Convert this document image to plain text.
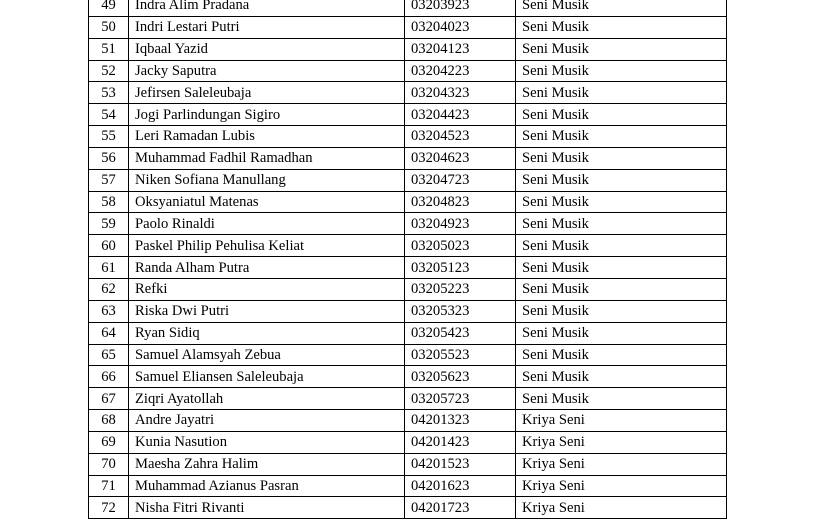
49	Indra Alim Pradana	03203923	Seni Musik
50	Indri Lestari Putri	03204023	Seni Musik
51	Iqbaal Yazid	03204123	Seni Musik
52	Jacky Saputra	03204223	Seni Musik
53	Jefirsen Saleleubaja	03204323	Seni Musik
54	Jogi Parlindungan Sigiro	03204423	Seni Musik
55	Leri Ramadan Lubis	03204523	Seni Musik
56	Muhammad Fadhil Ramadhan	03204623	Seni Musik
57	Niken Sofiana Manullang	03204723	Seni Musik
58	Oksyaniatul Matenas	03204823	Seni Musik
59	Paolo Rinaldi	03204923	Seni Musik
60	Paskel Philip Pehulisa Keliat	03205023	Seni Musik
61	Randa Alham Putra	03205123	Seni Musik
62	Refki	03205223	Seni Musik
63	Riska Dwi Putri	03205323	Seni Musik
64	Ryan Sidiq	03205423	Seni Musik
65	Samuel Alamsyah Zebua	03205523	Seni Musik
66	Samuel Eliansen Saleleubaja	03205623	Seni Musik
67	Ziqri Ayatollah	03205723	Seni Musik
68	Andre Jayatri	04201323	Kriya Seni
69	Kunia Nasution	04201423	Kriya Seni
70	Maesha Zahra Halim	04201523	Kriya Seni
71	Muhammad Azianus Pasran	04201623	Kriya Seni
72	Nisha Fitri Rivanti	04201723	Kriya Seni
